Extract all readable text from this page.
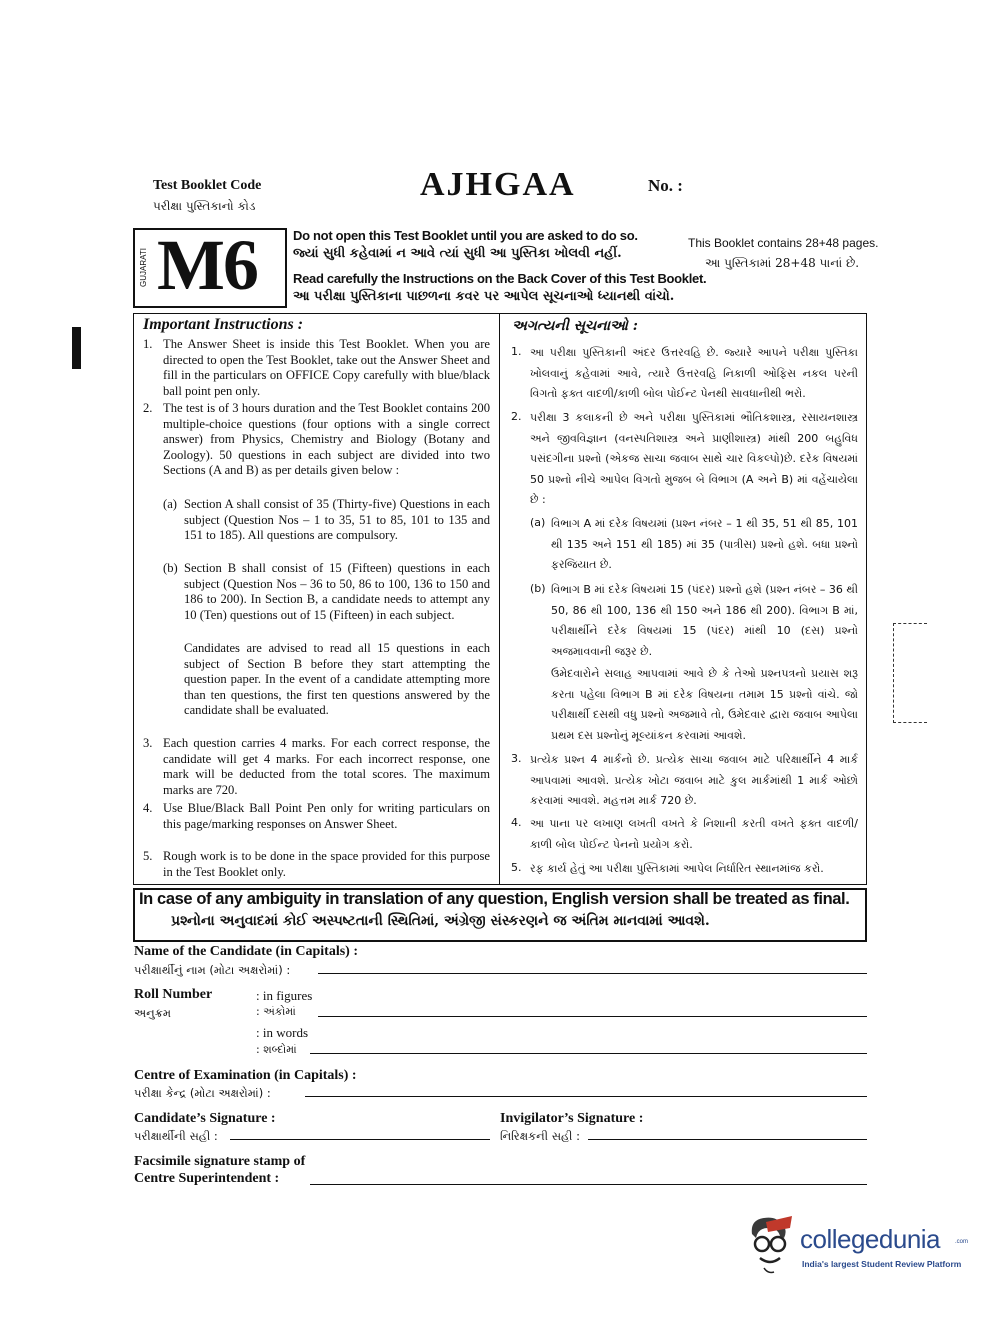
Test Booklet Code
પરીક્ષા પુસ્તિકાનો કોડ
AJHGAA	No. :
GUJARATI M6	Do not open this Test Booklet until you are asked to do so.
જ્યાં સુધી કહેવામાં ન આવે ત્યાં સુધી આ પુસ્તિકા ખોલવી નહીં.
Read carefully the Instructions on the Back Cover of this Test Booklet.
આ પરીક્ષા પુસ્તિકાના પાછળના કવર પર આપેલ સૂચનાઓ ધ્યાનથી વાંચો.
This Booklet contains 28+48 pages.
આ પુસ્તિકામાં 28+48 પાનાં છે.
Important Instructions :	અગત્યની સૂચનાઓ :
1. The Answer Sheet is inside this Test Booklet. When you are directed to open the Test Booklet, take out the Answer Sheet and fill in the particulars on OFFICE Copy carefully with blue/black ball point pen only.
2. The test is of 3 hours duration and the Test Booklet contains 200 multiple-choice questions (four options with a single correct answer) from Physics, Chemistry and Biology (Botany and Zoology). 50 questions in each subject are divided into two Sections (A and B) as per details given below :
(a) Section A shall consist of 35 (Thirty-five) Questions in each subject (Question Nos – 1 to 35, 51 to 85, 101 to 135 and 151 to 185). All questions are compulsory.
(b) Section B shall consist of 15 (Fifteen) questions in each subject (Question Nos – 36 to 50, 86 to 100, 136 to 150 and 186 to 200). In Section B, a candidate needs to attempt any 10 (Ten) questions out of 15 (Fifteen) in each subject.
Candidates are advised to read all 15 questions in each subject of Section B before they start attempting the question paper. In the event of a candidate attempting more than ten questions, the first ten questions answered by the candidate shall be evaluated.
3. Each question carries 4 marks. For each correct response, the candidate will get 4 marks. For each incorrect response, one mark will be deducted from the total scores. The maximum marks are 720.
4. Use Blue/Black Ball Point Pen only for writing particulars on this page/marking responses on Answer Sheet.
5. Rough work is to be done in the space provided for this purpose in the Test Booklet only.
1. આ પરીક્ષા પુસ્તિકાની અંદર ઉત્તરવહિ છે. જ્યારે આપને પરીક્ષા પુસ્તિકા ખોલવાનું કહેવામાં આવે, ત્યારે ઉત્તરવહિ નિકાળી ઓફિસ નકલ પરની વિગતો ફક્ત વાદળી/કાળી બોલ પોઈન્ટ પેનથી સાવધાનીથી ભરો.
2. પરીક્ષા 3 કલાકની છે અને પરીક્ષા પુસ્તિકામાં ભૌતિકશાસ્ત્ર, રસાયનશાસ્ત્ર અને જીવવિજ્ઞાન (વનસ્પતિશાસ્ત્ર અને પ્રાણીશાસ્ત્ર) માંથી 200 બહુવિધ પસંદગીના પ્રશ્નો (એકજ સાચા જવાબ સાથે ચાર વિકલ્પો)છે. દરેક વિષયમાં 50 પ્રશ્નો નીચે આપેલ વિગતો મુજબ બે વિભાગ (A અને B) માં વહેંચાયેલા છે :
(a) વિભાગ A માં દરેક વિષયમાં (પ્રશ્ન નંબર – 1 થી 35, 51 થી 85, 101 થી 135 અને 151 થી 185) માં 35 (પાત્રીસ) પ્રશ્નો હશે. બધા પ્રશ્નો ફરજિયાત છે.
(b) વિભાગ B માં દરેક વિષયમાં 15 (પંદર) પ્રશ્નો હશે (પ્રશ્ન નંબર – 36 થી 50, 86 થી 100, 136 થી 150 અને 186 થી 200). વિભાગ B માં, પરીક્ષાર્થીને દરેક વિષયમાં 15 (પંદર) માંથી 10 (દસ) પ્રશ્નો અજમાવવાની જરૂર છે.
ઉમેદવારોને સલાહ આપવામાં આવે છે કે તેઓ પ્રશ્નપત્રનો પ્રયાસ શરૂ કરતા પહેલા વિભાગ B માં દરેક વિષયના તમામ 15 પ્રશ્નો વાંચે. જો પરીક્ષાર્થી દસથી વધુ પ્રશ્નો અજમાવે તો, ઉમેદવાર દ્વારા જવાબ આપેલા પ્રથમ દસ પ્રશ્નોનું મૂલ્યાંકન કરવામાં આવશે.
3. પ્રત્યેક પ્રશ્ન 4 માર્કનો છે. પ્રત્યેક સાચા જવાબ માટે પરિક્ષાર્થીને 4 માર્ક આપવામાં આવશે. પ્રત્યેક ખોટા જવાબ માટે કુલ માર્કમાંથી 1 માર્ક ઓછો કરવામાં આવશે. મહત્તમ માર્ક 720 છે.
4. આ પાના પર લખાણ લખતી વખતે કે નિશાની કરતી વખતે ફક્ત વાદળી/ કાળી બોલ પોઈન્ટ પેનનો પ્રયોગ કરો.
5. રફ કાર્ય હેતું આ પરીક્ષા પુસ્તિકામાં આપેલ નિર્ધારિત સ્થાનમાંજ કરો.
In case of any ambiguity in translation of any question, English version shall be treated as final.
પ્રશ્નોના અનુવાદમાં કોઈ અસ્પષ્ટતાની સ્થિતિમાં, અંગ્રેજી સંસ્કરણને જ અંતિમ માનવામાં આવશે.
Name of the Candidate (in Capitals) :
પરીક્ષાર્થીનું નામ (મોટા અક્ષરોમાં) :
Roll Number
અનુક્રમ
: in figures
: અંકોમાં
: in words
: શબ્દોમાં
Centre of Examination (in Capitals) :
પરીક્ષા કેન્દ્ર (મોટા અક્ષરોમાં) :
Candidate’s Signature :
પરીક્ષાર્થીની સહી :
Invigilator’s Signature :
નિરિક્ષકની સહી :
Facsimile signature stamp of
Centre Superintendent :
collegedunia .com
India's largest Student Review Platform
